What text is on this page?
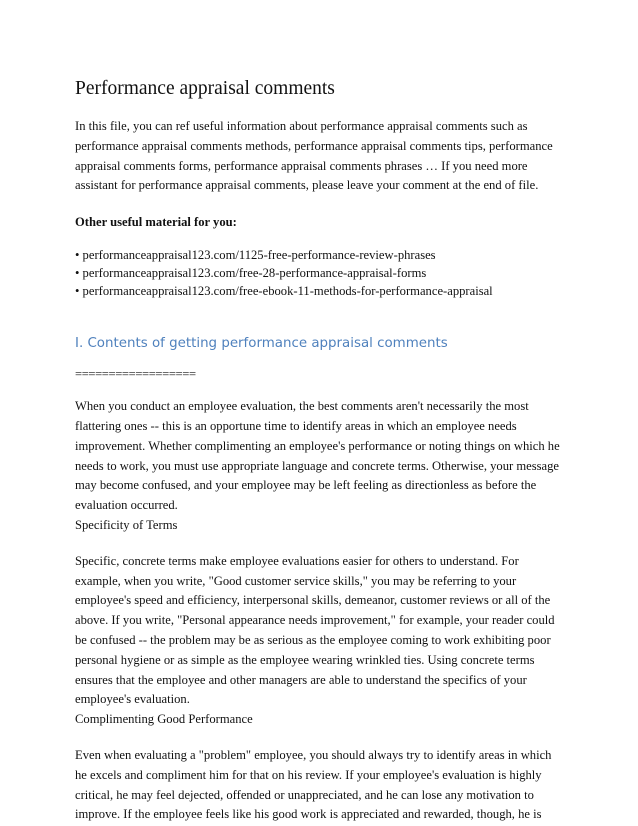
Performance appraisal comments

In this file, you can ref useful information about performance appraisal comments such as
performance appraisal comments methods, performance appraisal comments tips, performance
appraisal comments forms, performance appraisal comments phrases … If you need more
assistant for performance appraisal comments, please leave your comment at the end of file.

Other useful material for you:

• performanceappraisal123.com/1125-free-performance-review-phrases
• performanceappraisal123.com/free-28-performance-appraisal-forms
• performanceappraisal123.com/free-ebook-11-methods-for-performance-appraisal
I. Contents of getting performance appraisal comments

==================

When you conduct an employee evaluation, the best comments aren't necessarily the most
flattering ones -- this is an opportune time to identify areas in which an employee needs
improvement. Whether complimenting an employee's performance or noting things on which he
needs to work, you must use appropriate language and concrete terms. Otherwise, your message
may become confused, and your employee may be left feeling as directionless as before the
evaluation occurred.
Specificity of Terms

Specific, concrete terms make employee evaluations easier for others to understand. For
example, when you write, "Good customer service skills," you may be referring to your
employee's speed and efficiency, interpersonal skills, demeanor, customer reviews or all of the
above. If you write, "Personal appearance needs improvement," for example, your reader could
be confused -- the problem may be as serious as the employee coming to work exhibiting poor
personal hygiene or as simple as the employee wearing wrinkled ties. Using concrete terms
ensures that the employee and other managers are able to understand the specifics of your
employee's evaluation.
Complimenting Good Performance

Even when evaluating a "problem" employee, you should always try to identify areas in which
he excels and compliment him for that on his review. If your employee's evaluation is highly
critical, he may feel dejected, offended or unappreciated, and he can lose any motivation to
improve. If the employee feels like his good work is appreciated and rewarded, though, he is
